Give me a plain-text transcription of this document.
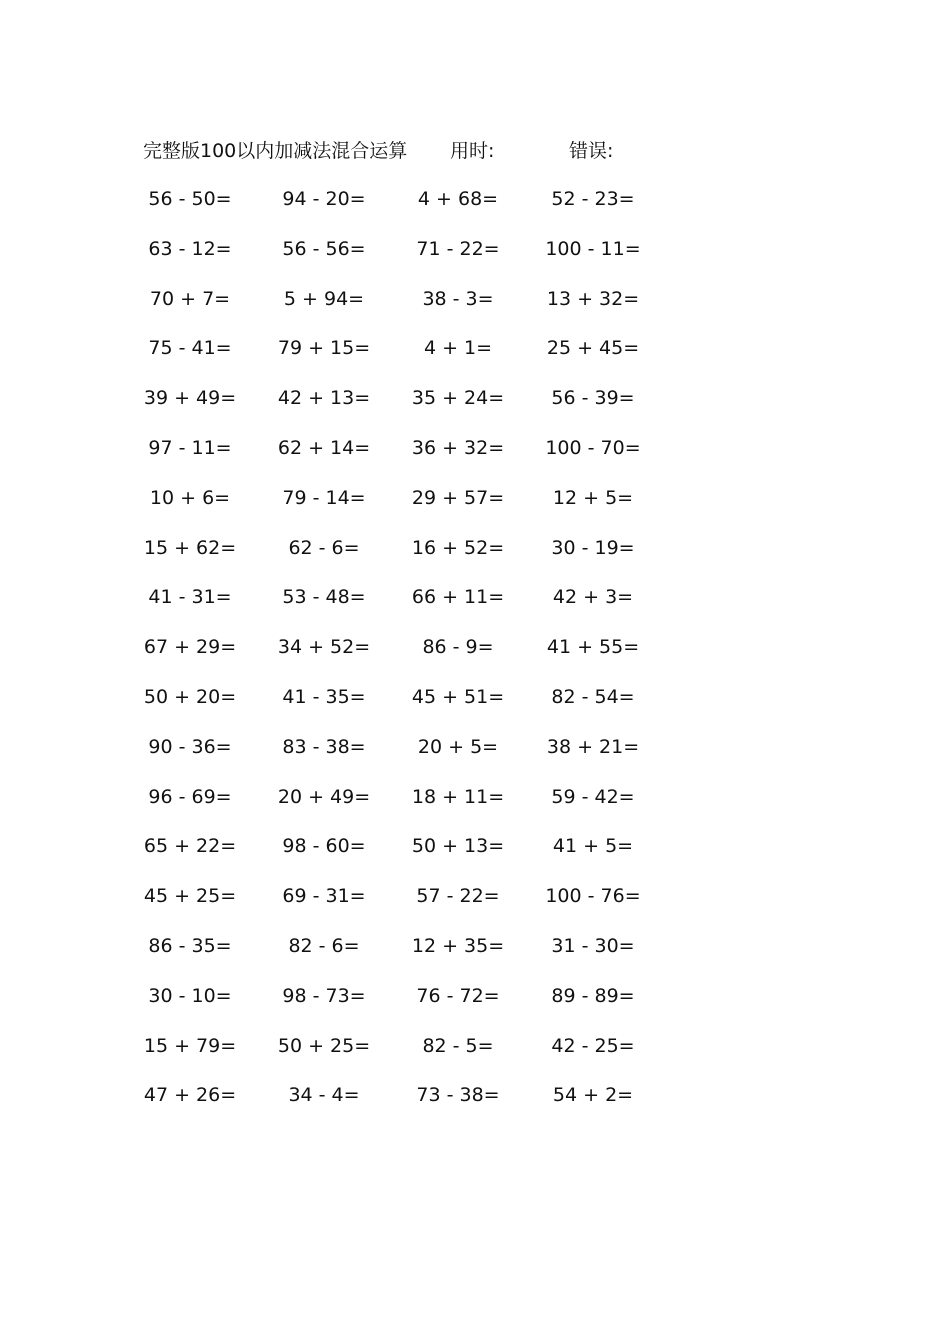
完整版100以内加减法混合运算 用时:	错误:
56 - 50=	94 - 20=	4 + 68=	52 - 23=
63 - 12=	56 - 56=	71 - 22=	100 - 11=
70 + 7=	5 + 94=	38 - 3=	13 + 32=
75 - 41=	79 + 15=	4 + 1=	25 + 45=
39 + 49=	42 + 13=	35 + 24=	56 - 39=
97 - 11=	62 + 14=	36 + 32=	100 - 70=
10 + 6=	79 - 14=	29 + 57=	12 + 5=
15 + 62=	62 - 6=	16 + 52=	30 - 19=
41 - 31=	53 - 48=	66 + 11=	42 + 3=
67 + 29=	34 + 52=	86 - 9=	41 + 55=
50 + 20=	41 - 35=	45 + 51=	82 - 54=
90 - 36=	83 - 38=	20 + 5=	38 + 21=
96 - 69=	20 + 49=	18 + 11=	59 - 42=
65 + 22=	98 - 60=	50 + 13=	41 + 5=
45 + 25=	69 - 31=	57 - 22=	100 - 76=
86 - 35=	82 - 6=	12 + 35=	31 - 30=
30 - 10=	98 - 73=	76 - 72=	89 - 89=
15 + 79=	50 + 25=	82 - 5=	42 - 25=
47 + 26=	34 - 4=	73 - 38=	54 + 2=
